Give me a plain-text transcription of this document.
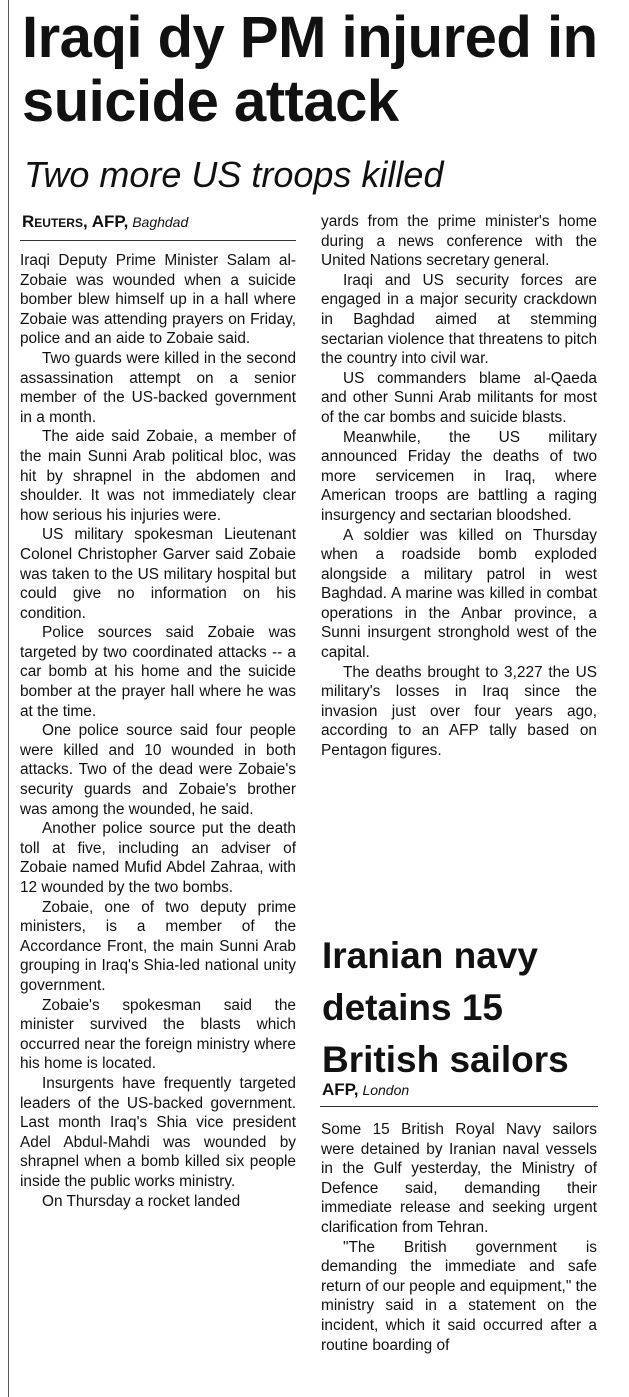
Iraqi dy PM injured in suicide attack
Two more US troops killed
Reuters, AFP, Baghdad

Iraqi Deputy Prime Minister Salam al-Zobaie was wounded when a suicide bomber blew himself up in a hall where Zobaie was attending prayers on Friday, police and an aide to Zobaie said.

Two guards were killed in the second assassination attempt on a senior member of the US-backed government in a month.

The aide said Zobaie, a member of the main Sunni Arab political bloc, was hit by shrapnel in the abdomen and shoulder. It was not immediately clear how serious his injuries were.

US military spokesman Lieutenant Colonel Christopher Garver said Zobaie was taken to the US military hospital but could give no information on his condition.

Police sources said Zobaie was targeted by two coordinated attacks -- a car bomb at his home and the suicide bomber at the prayer hall where he was at the time.

One police source said four people were killed and 10 wounded in both attacks. Two of the dead were Zobaie's security guards and Zobaie's brother was among the wounded, he said.

Another police source put the death toll at five, including an adviser of Zobaie named Mufid Abdel Zahraa, with 12 wounded by the two bombs.

Zobaie, one of two deputy prime ministers, is a member of the Accordance Front, the main Sunni Arab grouping in Iraq's Shia-led national unity government.

Zobaie's spokesman said the minister survived the blasts which occurred near the foreign ministry where his home is located.

Insurgents have frequently targeted leaders of the US-backed government. Last month Iraq's Shia vice president Adel Abdul-Mahdi was wounded by shrapnel when a bomb killed six people inside the public works ministry.

On Thursday a rocket landed

yards from the prime minister's home during a news conference with the United Nations secretary general.

Iraqi and US security forces are engaged in a major security crackdown in Baghdad aimed at stemming sectarian violence that threatens to pitch the country into civil war.

US commanders blame al-Qaeda and other Sunni Arab militants for most of the car bombs and suicide blasts.

Meanwhile, the US military announced Friday the deaths of two more servicemen in Iraq, where American troops are battling a raging insurgency and sectarian bloodshed.

A soldier was killed on Thursday when a roadside bomb exploded alongside a military patrol in west Baghdad. A marine was killed in combat operations in the Anbar province, a Sunni insurgent stronghold west of the capital.

The deaths brought to 3,227 the US military's losses in Iraq since the invasion just over four years ago, according to an AFP tally based on Pentagon figures.

Iranian navy detains 15 British sailors
AFP, London

Some 15 British Royal Navy sailors were detained by Iranian naval vessels in the Gulf yesterday, the Ministry of Defence said, demanding their immediate release and seeking urgent clarification from Tehran.

"The British government is demanding the immediate and safe return of our people and equipment," the ministry said in a statement on the incident, which it said occurred after a routine boarding of
